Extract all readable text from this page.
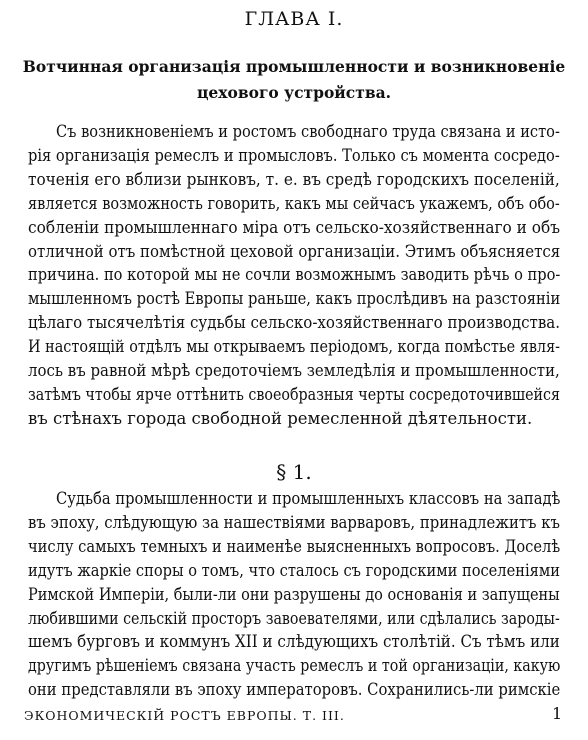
ГЛАВА I.
Вотчинная организацiя промышленности и возникновенiе цехового устройства.
Съ возникновенiемъ и ростомъ свободнаго труда связана и исто-
рiя организацiя ремеслъ и промысловъ. Только съ момента сосредо-
точенiя его вблизи рынковъ, т. е. въ средѣ городскихъ поселенiй,
является возможность говорить, какъ мы сейчасъ укажемъ, объ обо-
собленiи промышленнаго мiра отъ сельско-хозяйственнаго и объ
отличной отъ помѣстной цеховой организацiи. Этимъ объясняется
причина. по которой мы не сочли возможнымъ заводить рѣчь о про-
мышленномъ ростѣ Европы раньше, какъ прослѣдивъ на разстоянiи
цѣлаго тысячелѣтiя судьбы сельско-хозяйственнаго производства.
И настоящiй отдѣлъ мы открываемъ перiодомъ, когда помѣстье явля-
лось въ равной мѣрѣ средоточiемъ земледѣлiя и промышленности,
затѣмъ чтобы ярче оттѣнить своеобразныя черты сосредоточившейся
въ стѣнахъ города свободной ремесленной дѣятельности.
§ 1.
Судьба промышленности и промышленныхъ классовъ на западѣ
въ эпоху, слѣдующую за нашествiями варваровъ, принадлежитъ къ
числу самыхъ темныхъ и наименѣе выясненныхъ вопросовъ. Доселѣ
идутъ жаркiе споры о томъ, что сталось съ городскими поселенiями
Римской Имперiи, были-ли они разрушены до основанiя и запущены
любившими сельскiй просторъ завоевателями, или сдѣлались зароды-
шемъ бурговъ и коммунъ XII и слѣдующихъ столѣтiй. Съ тѣмъ или
другимъ рѣшенiемъ связана участь ремеслъ и той организацiи, какую
они представляли въ эпоху императоровъ. Сохранились-ли римскiе
ЭКОНОМИЧЕСКIЙ РОСТЪ ЕВРОПЫ. Т. III.	1
